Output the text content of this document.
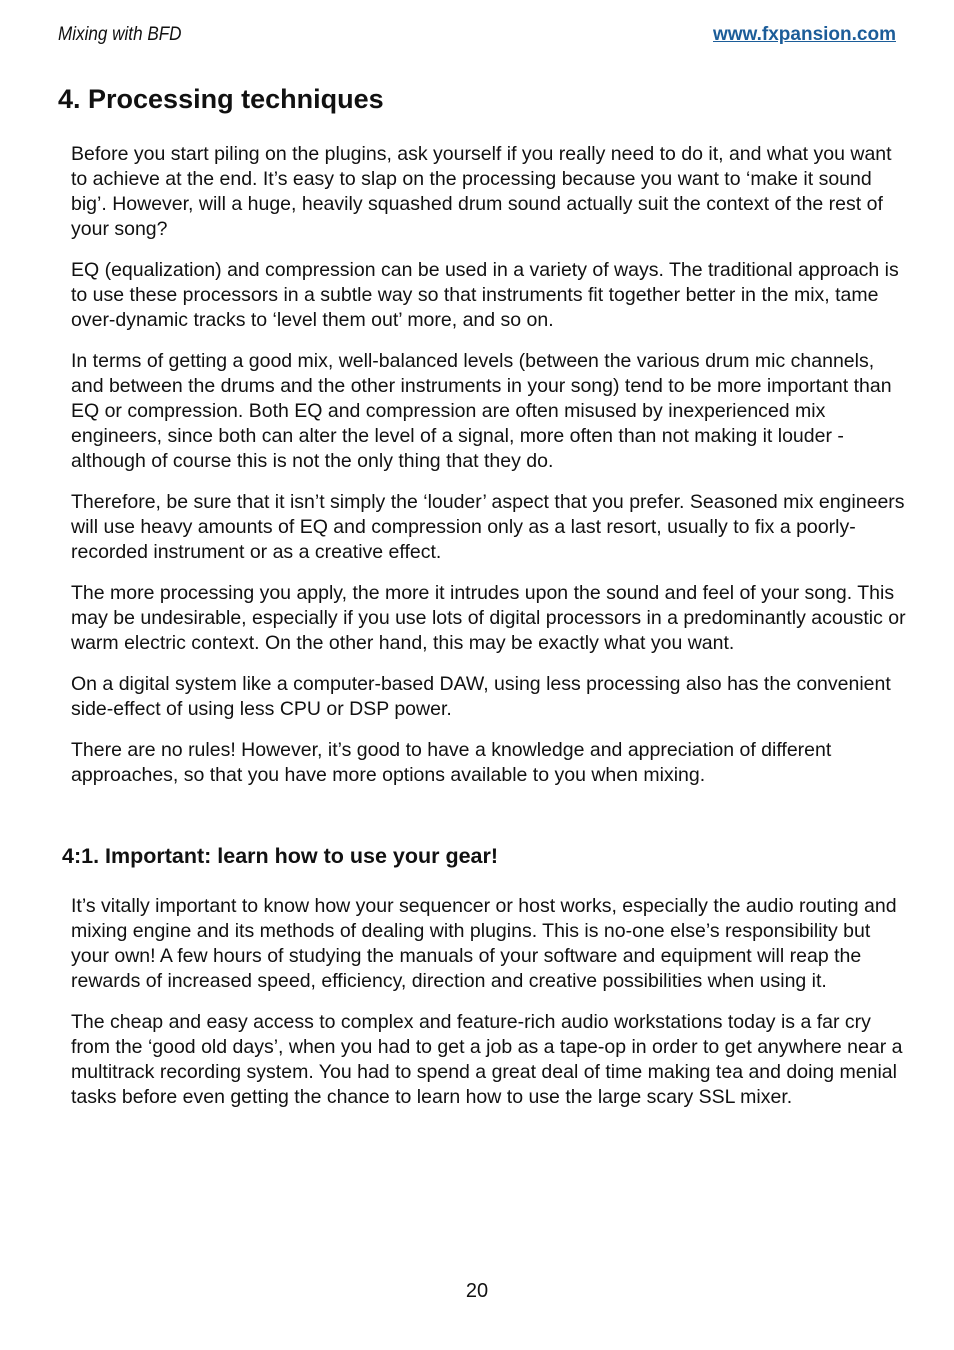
Mixing with BFD	www.fxpansion.com
4. Processing techniques

Before you start piling on the plugins, ask yourself if you really need to do it, and what you want to achieve at the end. It’s easy to slap on the processing because you want to ‘make it sound big’. However, will a huge, heavily squashed drum sound actually suit the context of the rest of your song?

EQ (equalization) and compression can be used in a variety of ways. The traditional approach is to use these processors in a subtle way so that instruments fit together better in the mix, tame over-dynamic tracks to ‘level them out’ more, and so on.

In terms of getting a good mix, well-balanced levels (between the various drum mic channels, and between the drums and the other instruments in your song) tend to be more important than EQ or compression. Both EQ and compression are often misused by inexperienced mix engineers, since both can alter the level of a signal, more often than not making it louder - although of course this is not the only thing that they do.

Therefore, be sure that it isn’t simply the ‘louder’ aspect that you prefer. Seasoned mix engineers will use heavy amounts of EQ and compression only as a last resort, usually to fix a poorly-recorded instrument or as a creative effect.

The more processing you apply, the more it intrudes upon the sound and feel of your song. This may be undesirable, especially if you use lots of digital processors in a predominantly acoustic or warm electric context. On the other hand, this may be exactly what you want.

On a digital system like a computer-based DAW, using less processing also has the convenient side-effect of using less CPU or DSP power.

There are no rules! However, it’s good to have a knowledge and appreciation of different approaches, so that you have more options available to you when mixing.

4:1. Important: learn how to use your gear!

It’s vitally important to know how your sequencer or host works, especially the audio routing and mixing engine and its methods of dealing with plugins. This is no-one else’s responsibility but your own! A few hours of studying the manuals of your software and equipment will reap the rewards of increased speed, efficiency, direction and creative possibilities when using it.

The cheap and easy access to complex and feature-rich audio workstations today is a far cry from the ‘good old days’, when you had to get a job as a tape-op in order to get anywhere near a multitrack recording system. You had to spend a great deal of time making tea and doing menial tasks before even getting the chance to learn how to use the large scary SSL mixer.

20
